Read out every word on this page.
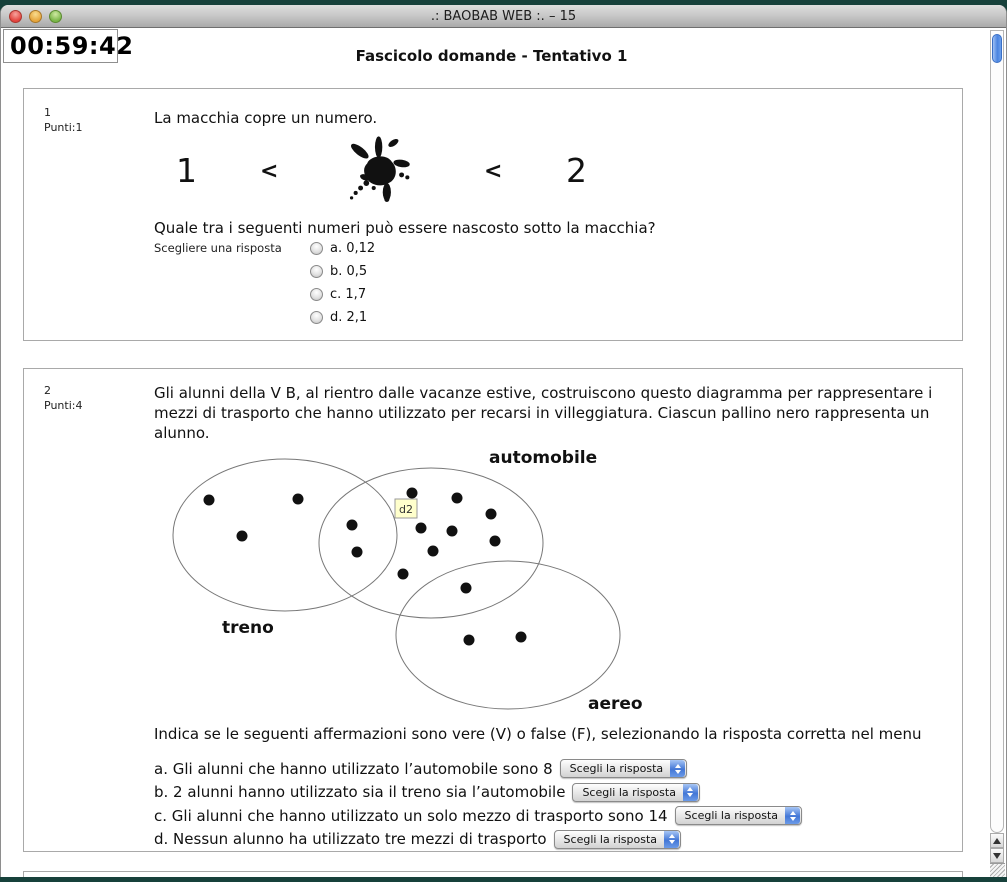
.: BAOBAB WEB :. – 15
00:59:42	Fascicolo domande - Tentativo 1
1
Punti:1
La macchia copre un numero.
1	<	< 2
Quale tra i seguenti numeri può essere nascosto sotto la macchia?
Scegliere una risposta	a. 0,12
b. 0,5
c. 1,7
d. 2,1
2
Punti:4
Gli alunni della V B, al rientro dalle vacanze estive, costruiscono questo diagramma per rappresentare i mezzi di trasporto che hanno utilizzato per recarsi in villeggiatura. Ciascun pallino nero rappresenta un alunno.
automobile
treno
aereo
d2
Indica se le seguenti affermazioni sono vere (V) o false (F), selezionando la risposta corretta nel menu
a. Gli alunni che hanno utilizzato l’automobile sono 8	Scegli la risposta
b. 2 alunni hanno utilizzato sia il treno sia l’automobile	Scegli la risposta
c. Gli alunni che hanno utilizzato un solo mezzo di trasporto sono 14	Scegli la risposta
d. Nessun alunno ha utilizzato tre mezzi di trasporto	Scegli la risposta
